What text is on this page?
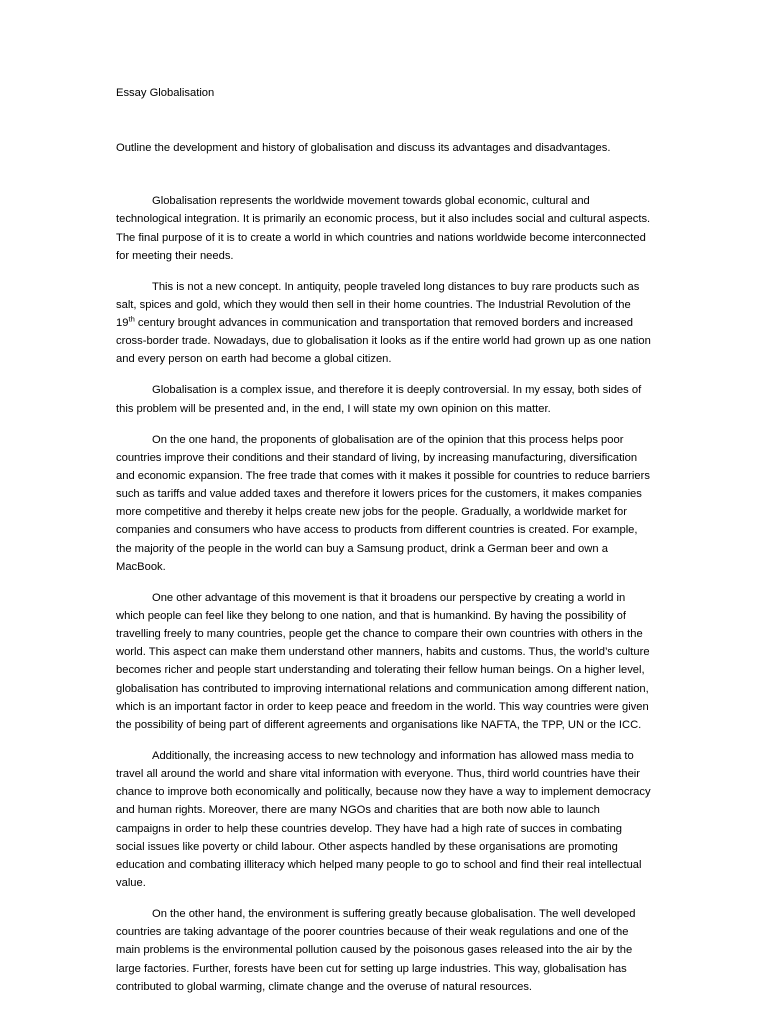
Essay Globalisation
Outline the development and history of globalisation and discuss its advantages and disadvantages.

Globalisation represents the worldwide movement towards global economic, cultural and technological integration. It is primarily an economic process, but it also includes social and cultural aspects. The final purpose of it is to create a world in which countries and nations worldwide become interconnected for meeting their needs.

This is not a new concept. In antiquity, people traveled long distances to buy rare products such as salt, spices and gold, which they would then sell in their home countries. The Industrial Revolution of the 19th century brought advances in communication and transportation that removed borders and increased cross-border trade. Nowadays, due to globalisation it looks as if the entire world had grown up as one nation and every person on earth had become a global citizen.

Globalisation is a complex issue, and therefore it is deeply controversial. In my essay, both sides of this problem will be presented and, in the end, I will state my own opinion on this matter.

On the one hand, the proponents of globalisation are of the opinion that this process helps poor countries improve their conditions and their standard of living, by increasing manufacturing, diversification and economic expansion. The free trade that comes with it makes it possible for countries to reduce barriers such as tariffs and value added taxes and therefore it lowers prices for the customers, it makes companies more competitive and thereby it helps create new jobs for the people. Gradually, a worldwide market for companies and consumers who have access to products from different countries is created. For example, the majority of the people in the world can buy a Samsung product, drink a German beer and own a MacBook.

One other advantage of this movement is that it broadens our perspective by creating a world in which people can feel like they belong to one nation, and that is humankind. By having the possibility of travelling freely to many countries, people get the chance to compare their own countries with others in the world. This aspect can make them understand other manners, habits and customs. Thus, the world’s culture becomes richer and people start understanding and tolerating their fellow human beings. On a higher level, globalisation has contributed to improving international relations and communication among different nation, which is an important factor in order to keep peace and freedom in the world. This way countries were given the possibility of being part of different agreements and organisations like NAFTA, the TPP, UN or the ICC.

Additionally, the increasing access to new technology and information has allowed mass media to travel all around the world and share vital information with everyone. Thus, third world countries have their chance to improve both economically and politically, because now they have a way to implement democracy and human rights. Moreover, there are many NGOs and charities that are both now able to launch campaigns in order to help these countries develop. They have had a high rate of succes in combating social issues like poverty or child labour. Other aspects handled by these organisations are promoting education and combating illiteracy which helped many people to go to school and find their real intellectual value.

On the other hand, the environment is suffering greatly because globalisation. The well developed countries are taking advantage of the poorer countries because of their weak regulations and one of the main problems is the environmental pollution caused by the poisonous gases released into the air by the large factories. Further, forests have been cut for setting up large industries. This way, globalisation has contributed to global warming, climate change and the overuse of natural resources.
